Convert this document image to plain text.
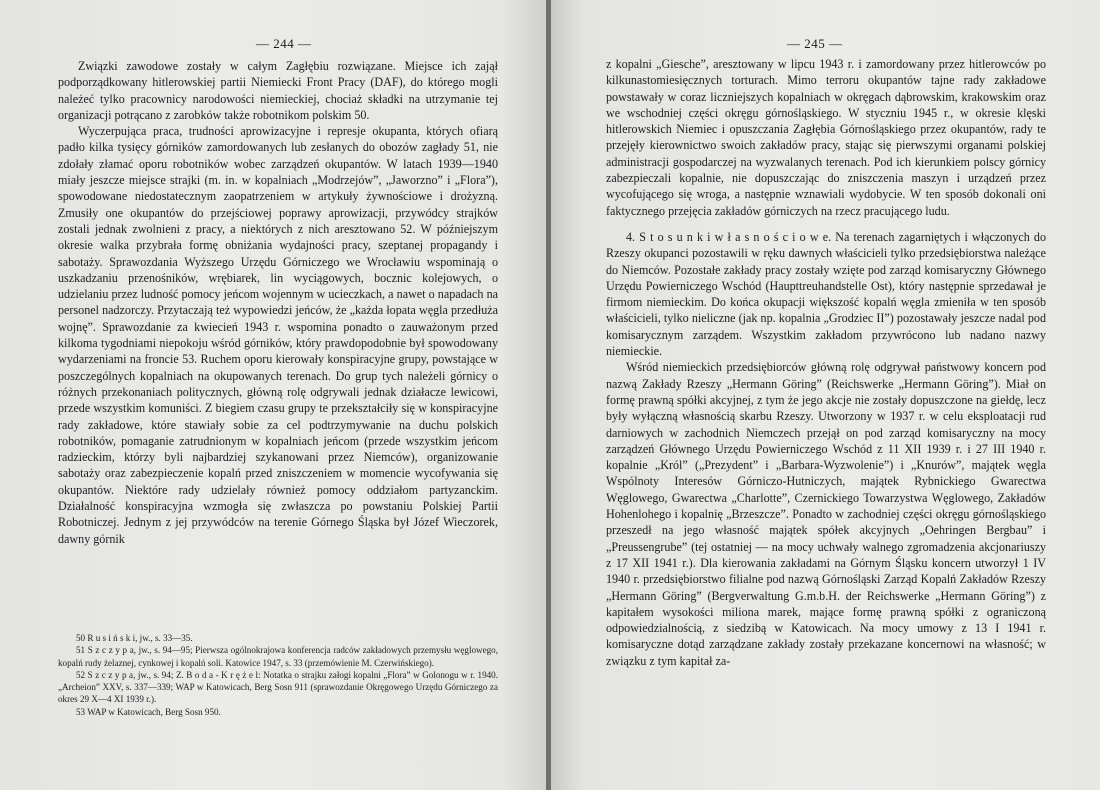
— 244 —

Związki zawodowe zostały w całym Zagłębiu rozwiązane. Miejsce ich zajął podporządkowany hitlerowskiej partii Niemiecki Front Pracy (DAF), do którego mogli należeć tylko pracownicy narodowości niemieckiej, chociaż składki na utrzymanie tej organizacji potrącano z zarobków także robotnikom polskim 50.

Wyczerpująca praca, trudności aprowizacyjne i represje okupanta, których ofiarą padło kilka tysięcy górników zamordowanych lub zesłanych do obozów zagłady 51, nie zdołały złamać oporu robotników wobec zarządzeń okupantów. W latach 1939—1940 miały jeszcze miejsce strajki (m. in. w kopalniach „Modrzejów”, „Jaworzno” i „Flora”), spowodowane niedostatecznym zaopatrzeniem w artykuły żywnościowe i drożyzną. Zmusiły one okupantów do przejściowej poprawy aprowizacji, przywódcy strajków zostali jednak zwolnieni z pracy, a niektórych z nich aresztowano 52. W późniejszym okresie walka przybrała formę obniżania wydajności pracy, szeptanej propagandy i sabotaży. Sprawozdania Wyższego Urzędu Górniczego we Wrocławiu wspominają o uszkadzaniu przenośników, wrębiarek, lin wyciągowych, bocznic kolejowych, o udzielaniu przez ludność pomocy jeńcom wojennym w ucieczkach, a nawet o napadach na personel nadzorczy. Przytaczają też wypowiedzi jeńców, że „każda łopata węgla przedłuża wojnę”. Sprawozdanie za kwiecień 1943 r. wspomina ponadto o zauważonym przed kilkoma tygodniami niepokoju wśród górników, który prawdopodobnie był spowodowany wydarzeniami na froncie 53. Ruchem oporu kierowały konspiracyjne grupy, powstające w poszczególnych kopalniach na okupowanych terenach. Do grup tych należeli górnicy o różnych przekonaniach politycznych, główną rolę odgrywali jednak działacze lewicowi, przede wszystkim komuniści. Z biegiem czasu grupy te przekształciły się w konspiracyjne rady zakładowe, które stawiały sobie za cel podtrzymywanie na duchu polskich robotników, pomaganie zatrudnionym w kopalniach jeńcom (przede wszystkim jeńcom radzieckim, którzy byli najbardziej szykanowani przez Niemców), organizowanie sabotaży oraz zabezpieczenie kopalń przed zniszczeniem w momencie wycofywania się okupantów. Niektóre rady udzielały również pomocy oddziałom partyzanckim. Działalność konspiracyjna wzmogła się zwłaszcza po powstaniu Polskiej Partii Robotniczej. Jednym z jej przywódców na terenie Górnego Śląska był Józef Wieczorek, dawny górnik

50 R u s i ń s k i, jw., s. 33—35.

51 S z c z y p a, jw., s. 94—95; Pierwsza ogólnokrajowa konferencja radców zakładowych przemysłu węglowego, kopalń rudy żelaznej, cynkowej i kopalń soli. Katowice 1947, s. 33 (przemówienie M. Czerwińskiego).

52 S z c z y p a, jw., s. 94; Z. B o d a - K r ę ż e l: Notatka o strajku załogi kopalni „Flora” w Golonogu w r. 1940. „Archeion” XXV, s. 337—339; WAP w Katowicach, Berg Sosn 911 (sprawozdanie Okręgowego Urzędu Górniczego za okres 29 X—4 XI 1939 r.).

53 WAP w Katowicach, Berg Sosn 950.

— 245 —

z kopalni „Giesche”, aresztowany w lipcu 1943 r. i zamordowany przez hitlerowców po kilkunastomiesięcznych torturach. Mimo terroru okupantów tajne rady zakładowe powstawały w coraz liczniejszych kopalniach w okręgach dąbrowskim, krakowskim oraz we wschodniej części okręgu górnośląskiego. W styczniu 1945 r., w okresie klęski hitlerowskich Niemiec i opuszczania Zagłębia Górnośląskiego przez okupantów, rady te przejęły kierownictwo swoich zakładów pracy, stając się pierwszymi organami polskiej administracji gospodarczej na wyzwalanych terenach. Pod ich kierunkiem polscy górnicy zabezpieczali kopalnie, nie dopuszczając do zniszczenia maszyn i urządzeń przez wycofującego się wroga, a następnie wznawiali wydobycie. W ten sposób dokonali oni faktycznego przejęcia zakładów górniczych na rzecz pracującego ludu.

4. S t o s u n k i w ł a s n o ś c i o w e. Na terenach zagarniętych i włączonych do Rzeszy okupanci pozostawili w ręku dawnych właścicieli tylko przedsiębiorstwa należące do Niemców. Pozostałe zakłady pracy zostały wzięte pod zarząd komisaryczny Głównego Urzędu Powierniczego Wschód (Haupttreuhandstelle Ost), który następnie sprzedawał je firmom niemieckim. Do końca okupacji większość kopalń węgla zmieniła w ten sposób właścicieli, tylko nieliczne (jak np. kopalnia „Grodziec II”) pozostawały jeszcze nadal pod komisarycznym zarządem. Wszystkim zakładom przywrócono lub nadano nazwy niemieckie.

Wśród niemieckich przedsiębiorców główną rolę odgrywał państwowy koncern pod nazwą Zakłady Rzeszy „Hermann Göring” (Reichswerke „Hermann Göring”). Miał on formę prawną spółki akcyjnej, z tym że jego akcje nie zostały dopuszczone na giełdę, lecz były wyłączną własnością skarbu Rzeszy. Utworzony w 1937 r. w celu eksploatacji rud darniowych w zachodnich Niemczech przejął on pod zarząd komisaryczny na mocy zarządzeń Głównego Urzędu Powierniczego Wschód z 11 XII 1939 r. i 27 III 1940 r. kopalnie „Król” („Prezydent” i „Barbara-Wyzwolenie”) i „Knurów”, majątek węgla Wspólnoty Interesów Górniczo-Hutniczych, majątek Rybnickiego Gwarectwa Węglowego, Gwarectwa „Charlotte”, Czernickiego Towarzystwa Węglowego, Zakładów Hohenlohego i kopalnię „Brzeszcze”. Ponadto w zachodniej części okręgu górnośląskiego przeszedł na jego własność majątek spółek akcyjnych „Oehringen Bergbau” i „Preussengrube” (tej ostatniej — na mocy uchwały walnego zgromadzenia akcjonariuszy z 17 XII 1941 r.). Dla kierowania zakładami na Górnym Śląsku koncern utworzył 1 IV 1940 r. przedsiębiorstwo filialne pod nazwą Górnośląski Zarząd Kopalń Zakładów Rzeszy „Hermann Göring” (Bergverwaltung G.m.b.H. der Reichswerke „Hermann Göring”) z kapitałem wysokości miliona marek, mające formę prawną spółki z ograniczoną odpowiedzialnością, z siedzibą w Katowicach. Na mocy umowy z 13 I 1941 r. komisaryczne dotąd zarządzane zakłady zostały przekazane koncernowi na własność; w związku z tym kapitał za-
